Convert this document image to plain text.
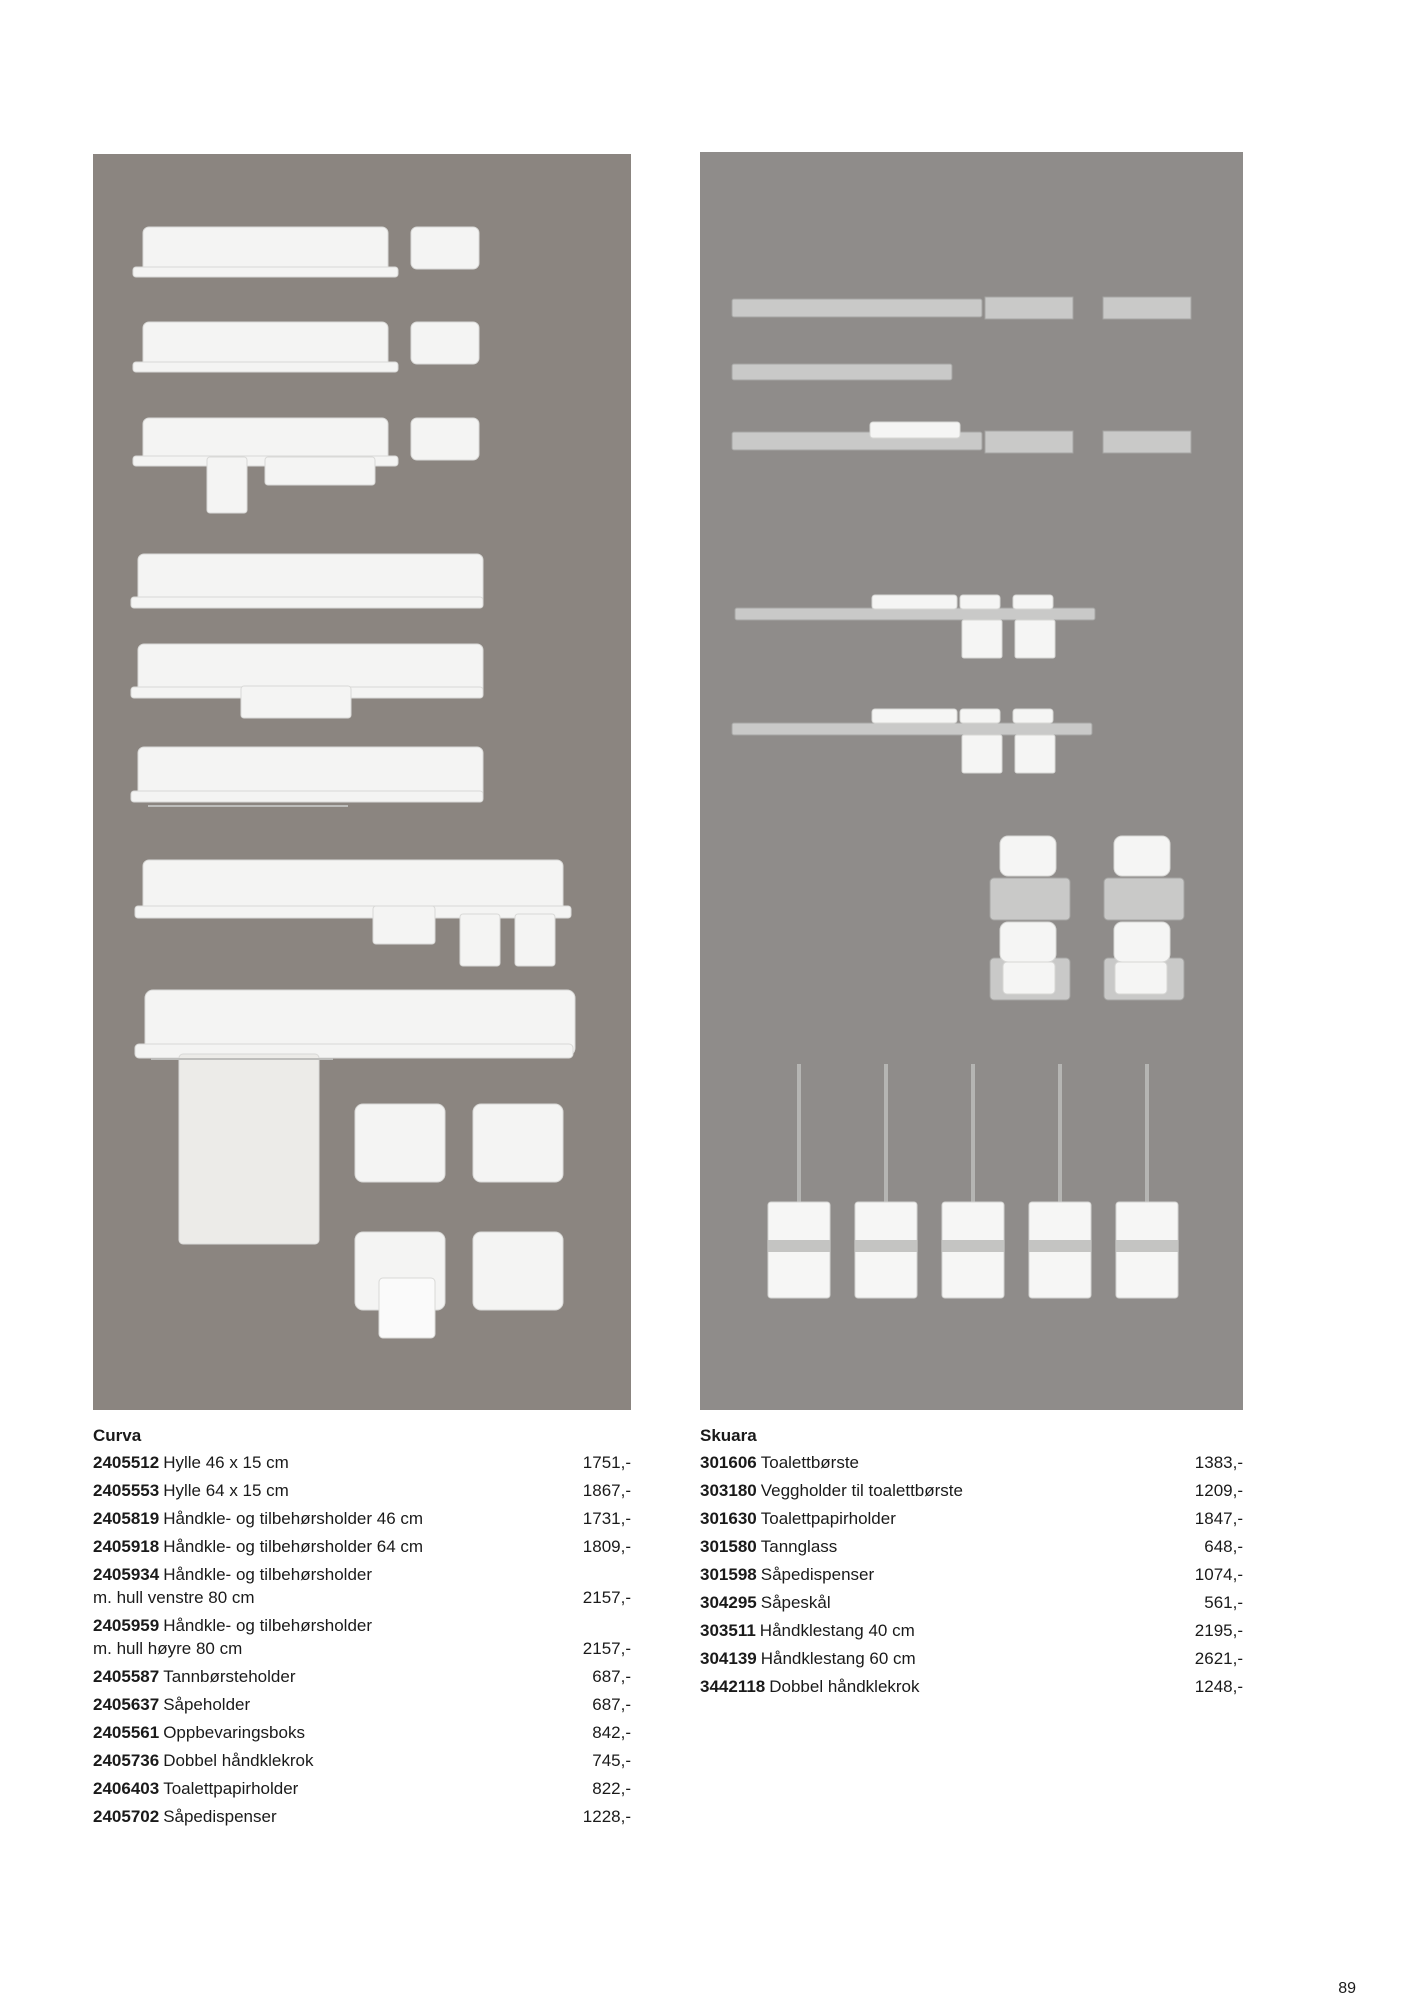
Curva
2405512 Hylle 46 x 15 cm	1751,-
2405553 Hylle 64 x 15 cm	1867,-
2405819 Håndkle- og tilbehørsholder 46 cm	1731,-
2405918 Håndkle- og tilbehørsholder 64 cm	1809,-
2405934 Håndkle- og tilbehørsholder
m. hull venstre 80 cm	2157,-
2405959 Håndkle- og tilbehørsholder
m. hull høyre 80 cm	2157,-
2405587 Tannbørsteholder	687,-
2405637 Såpeholder	687,-
2405561 Oppbevaringsboks	842,-
2405736 Dobbel håndklekrok	745,-
2406403 Toalettpapirholder	822,-
2405702 Såpedispenser	1228,-
Skuara
301606 Toalettbørste	1383,-
303180 Veggholder til toalettbørste	1209,-
301630 Toalettpapirholder	1847,-
301580 Tannglass	648,-
301598 Såpedispenser	1074,-
304295 Såpeskål	561,-
303511 Håndklestang 40 cm	2195,-
304139 Håndklestang 60 cm	2621,-
3442118 Dobbel håndklekrok	1248,-
89
